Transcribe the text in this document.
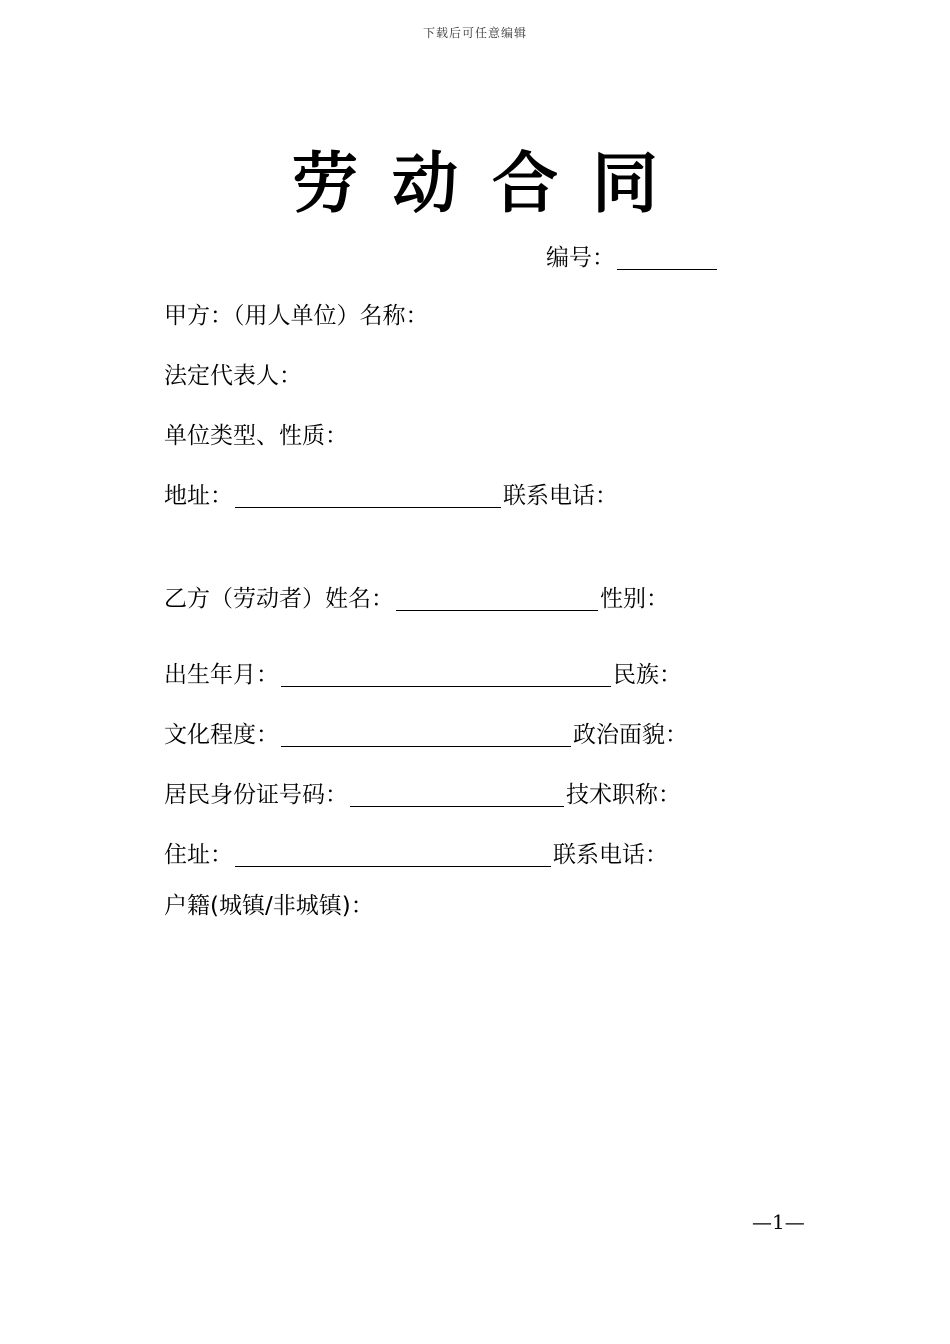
下载后可任意编辑
劳动合同
编号：
甲方：（用人单位）名称：
法定代表人：
单位类型、性质：
地址：	联系电话：
乙方（劳动者）姓名：	性别：
出生年月：	民族：
文化程度：	政治面貌：
居民身份证号码：	技术职称：
住址：	联系电话：
户籍(城镇/非城镇)：
—1—
